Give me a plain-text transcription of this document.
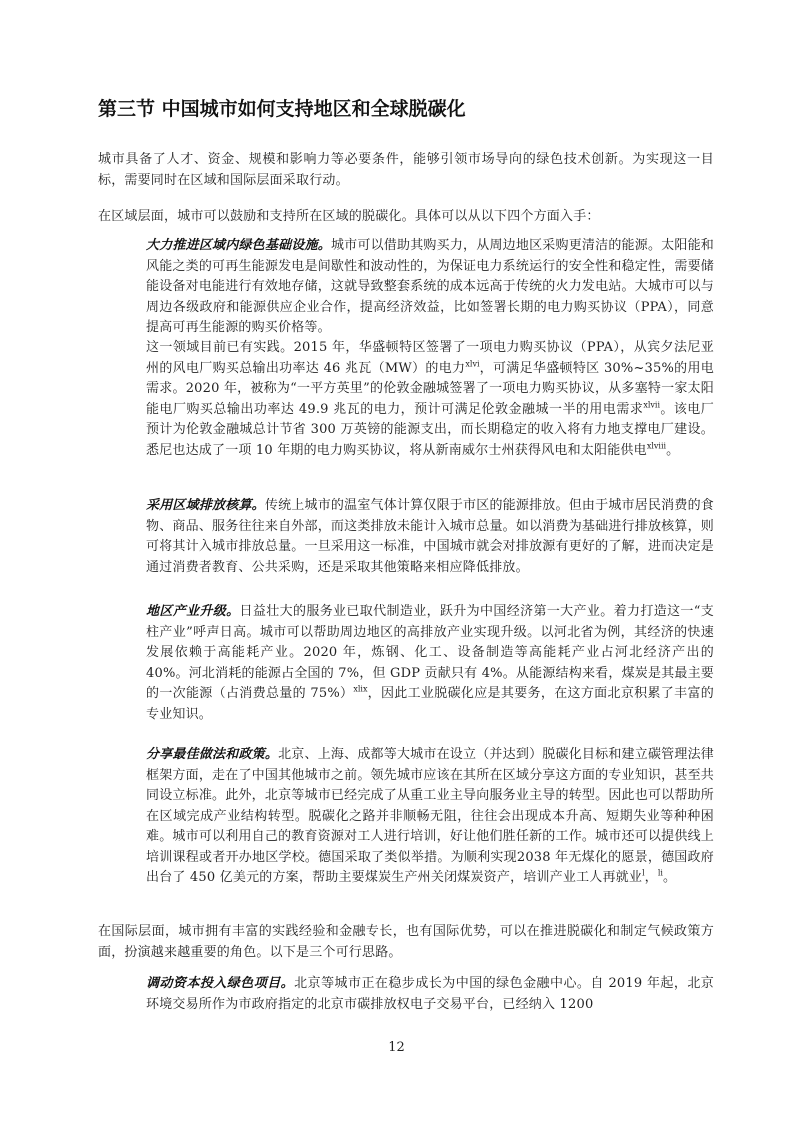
第三节 中国城市如何支持地区和全球脱碳化

城市具备了人才、资金、规模和影响力等必要条件，能够引领市场导向的绿色技术创新。为实现这一目标，需要同时在区域和国际层面采取行动。

在区域层面，城市可以鼓励和支持所在区域的脱碳化。具体可以从以下四个方面入手：

大力推进区域内绿色基础设施。城市可以借助其购买力，从周边地区采购更清洁的能源。太阳能和风能之类的可再生能源发电是间歇性和波动性的，为保证电力系统运行的安全性和稳定性，需要储能设备对电能进行有效地存储，这就导致整套系统的成本远高于传统的火力发电站。大城市可以与周边各级政府和能源供应企业合作，提高经济效益，比如签署长期的电力购买协议（PPA），同意提高可再生能源的购买价格等。

这一领域目前已有实践。2015 年，华盛顿特区签署了一项电力购买协议（PPA），从宾夕法尼亚州的风电厂购买总输出功率达 46 兆瓦（MW）的电力$^{xlvi}$，可满足华盛顿特区 30%~35%的用电需求。2020 年，被称为“一平方英里”的伦敦金融城签署了一项电力购买协议，从多塞特一家太阳能电厂购买总输出功率达 49.9 兆瓦的电力，预计可满足伦敦金融城一半的用电需求$^{xlvii}$。该电厂预计为伦敦金融城总计节省 300 万英镑的能源支出，而长期稳定的收入将有力地支撑电厂建设。悉尼也达成了一项 10 年期的电力购买协议，将从新南威尔士州获得风电和太阳能供电$^{xlviii}$。

采用区域排放核算。传统上城市的温室气体计算仅限于市区的能源排放。但由于城市居民消费的食物、商品、服务往往来自外部，而这类排放未能计入城市总量。如以消费为基础进行排放核算，则可将其计入城市排放总量。一旦采用这一标准，中国城市就会对排放源有更好的了解，进而决定是通过消费者教育、公共采购，还是采取其他策略来相应降低排放。

地区产业升级。日益壮大的服务业已取代制造业，跃升为中国经济第一大产业。着力打造这一“支柱产业”呼声日高。城市可以帮助周边地区的高排放产业实现升级。以河北省为例，其经济的快速发展依赖于高能耗产业。2020 年，炼钢、化工、设备制造等高能耗产业占河北经济产出的 40%。河北消耗的能源占全国的 7%，但 GDP 贡献只有 4%。从能源结构来看，煤炭是其最主要的一次能源（占消费总量的 75%）$^{xlix}$，因此工业脱碳化应是其要务，在这方面北京积累了丰富的专业知识。

分享最佳做法和政策。北京、上海、成都等大城市在设立（并达到）脱碳化目标和建立碳管理法律框架方面，走在了中国其他城市之前。领先城市应该在其所在区域分享这方面的专业知识，甚至共同设立标准。此外，北京等城市已经完成了从重工业主导向服务业主导的转型。因此也可以帮助所在区域完成产业结构转型。脱碳化之路并非顺畅无阻，往往会出现成本升高、短期失业等种种困难。城市可以利用自己的教育资源对工人进行培训，好让他们胜任新的工作。城市还可以提供线上培训课程或者开办地区学校。德国采取了类似举措。为顺利实现2038 年无煤化的愿景，德国政府出台了 450 亿美元的方案，帮助主要煤炭生产州关闭煤炭资产，培训产业工人再就业$^l$，$^{li}$。

在国际层面，城市拥有丰富的实践经验和金融专长，也有国际优势，可以在推进脱碳化和制定气候政策方面，扮演越来越重要的角色。以下是三个可行思路。

调动资本投入绿色项目。北京等城市正在稳步成长为中国的绿色金融中心。自 2019 年起，北京环境交易所作为市政府指定的北京市碳排放权电子交易平台，已经纳入 1200

12
